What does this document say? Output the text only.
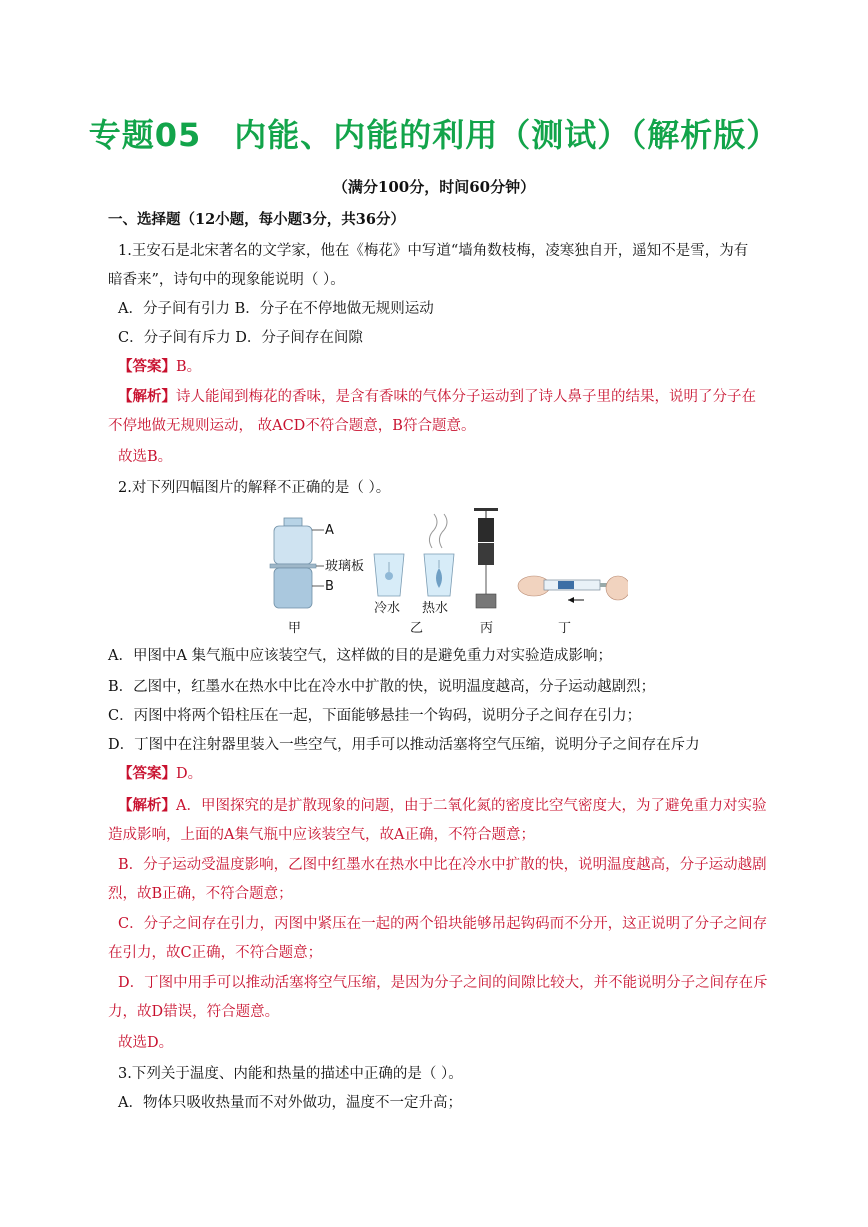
专题05　内能、内能的利用（测试）（解析版）
（满分100分，时间60分钟）
一、选择题（12小题，每小题3分，共36分）
1.王安石是北宋著名的文学家，他在《梅花》中写道“墙角数枝梅，凌寒独自开，遥知不是雪，为有
暗香来”，诗句中的现象能说明（ ）。
A．分子间有引力 B．分子在不停地做无规则运动
C．分子间有斥力 D．分子间存在间隙
【答案】B。
【解析】诗人能闻到梅花的香味，是含有香味的气体分子运动到了诗人鼻子里的结果，说明了分子在
不停地做无规则运动， 故ACD不符合题意，B符合题意。
故选B。
2.对下列四幅图片的解释不正确的是（ ）。
A
玻璃板
B
甲
冷水 热水
乙	丙	丁
A．甲图中A 集气瓶中应该装空气，这样做的目的是避免重力对实验造成影响；
B．乙图中，红墨水在热水中比在冷水中扩散的快，说明温度越高，分子运动越剧烈；
C．丙图中将两个铅柱压在一起，下面能够悬挂一个钩码，说明分子之间存在引力；
D．丁图中在注射器里装入一些空气，用手可以推动活塞将空气压缩，说明分子之间存在斥力
【答案】D。
【解析】A．甲图探究的是扩散现象的问题，由于二氧化氮的密度比空气密度大，为了避免重力对实验
造成影响，上面的A集气瓶中应该装空气，故A正确，不符合题意；
B．分子运动受温度影响，乙图中红墨水在热水中比在冷水中扩散的快，说明温度越高，分子运动越剧
烈，故B正确，不符合题意；
C．分子之间存在引力，丙图中紧压在一起的两个铅块能够吊起钩码而不分开，这正说明了分子之间存
在引力，故C正确，不符合题意；
D．丁图中用手可以推动活塞将空气压缩，是因为分子之间的间隙比较大，并不能说明分子之间存在斥
力，故D错误，符合题意。
故选D。
3.下列关于温度、内能和热量的描述中正确的是（ ）。
A．物体只吸收热量而不对外做功，温度不一定升高；
